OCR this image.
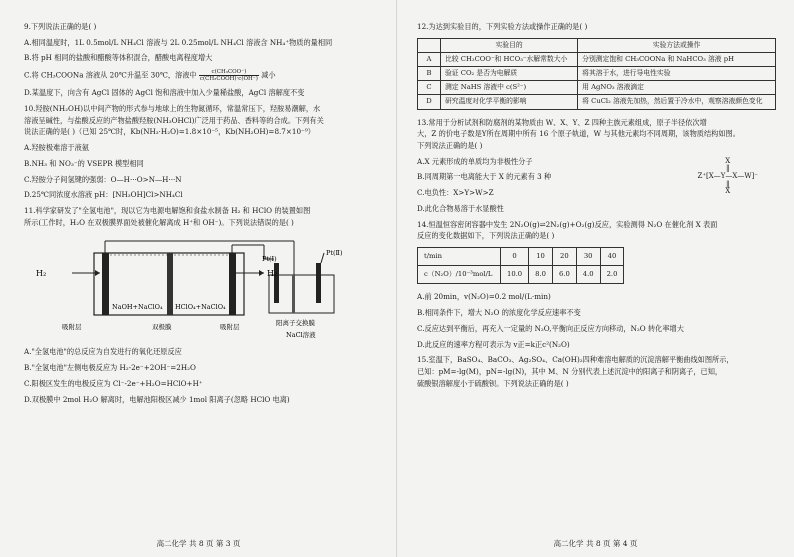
9.下列说法正确的是( )

A.相同温度时，1L 0.5mol/L NH₄Cl 溶液与 2L 0.25mol/L NH₄Cl 溶液含 NH₄⁺物质的量相同

B.将 pH 相同的盐酸和醋酸等体积混合，醋酸电离程度增大

C.将 CH₃COONa 溶液从 20℃升温至 30℃，溶液中 $\frac{\text{c(CH₃COO⁻)}}{\text{c(CH₃COOH)·c(OH⁻)}}$ 减小

D.某温度下，向含有 AgCl 固体的 AgCl 饱和溶液中加入少量稀盐酸，AgCl 溶解度不变

10.羟胺(NH₂OH)以中间产物的形式参与地球上的生物氮循环，常温常压下，羟胺易潮解，水

溶液呈碱性，与盐酸反应的产物盐酸羟胺(NH₃OHCl)广泛用于药品、香料等的合成。下列有关

说法正确的是( )（已知 25℃时，Kb(NH₃·H₂O)=1.8×10⁻⁵，Kb(NH₂OH)=8.7×10⁻⁹）

A.羟胺极难溶于液氨

B.NH₃ 和 NO₃⁻的 VSEPR 模型相同

C.羟胺分子间氢键的强弱：O—H···O>N—H···N

D.25℃同浓度水溶液 pH：[NH₃OH]Cl>NH₄Cl

11.科学家研发了"全氢电池"，现以它为电源电解饱和食盐水制备 H₂ 和 HClO 的装置如图

所示(工作时，H₂O 在双极膜界面处被催化解离成 H⁺和 OH⁻)。下列说法错误的是( )

H₂	H₂
NaOH+NaClO₄ HClO₄+NaClO₄
吸附层	双极膜	吸附层
Pt(Ⅰ)
Pt(Ⅱ)
阳离子交换膜
NaCl溶液

A."全氢电池"的总反应为自发进行的氧化还原反应

B."全氢电池"左侧电极反应为 H₂-2e⁻+2OH⁻=2H₂O

C.阳极区发生的电极反应为 Cl⁻-2e⁻+H₂O=HClO+H⁺

D.双极膜中 2mol H₂O 解离时，电解池阳极区减少 1mol 阳离子(忽略 HClO 电离)

高二化学 共 8 页 第 3 页

12.为达到实验目的，下列实验方法或操作正确的是( )

	实验目的	实验方法或操作
A	比较 CH₃COO⁻和 HCO₃⁻水解常数大小	分别测定饱和 CH₃COONa 和 NaHCO₃ 溶液 pH
B	验证 CO₂ 是否为电解质	将其溶于水，进行导电性实验
C	测定 NaHS 溶液中 c(S²⁻)	用 AgNO₃ 溶液滴定
D	研究温度对化学平衡的影响	将 CuCl₂ 溶液先加热，然后置于冷水中，观察溶液颜色变化

13.常用于分析试剂和防腐剂的某物质由 W、X、Y、Z 四种主族元素组成，原子半径依次增

大，Z 的价电子数是Y所在周期中所有 16 个原子轨道，W 与其他元素均不同周期，该物质结构如图。

下列说法正确的是( )

X
‖
Z⁺[X—Y—X—W]⁻
‖
X

A.X 元素形成的单质均为非极性分子

B.同周期第一电离能大于 X 的元素有 3 种

C.电负性：X>Y>W>Z

D.此化合物易溶于水显酸性

14.恒温恒容密闭容器中发生 2N₂O(g)⇌2N₂(g)+O₂(g)反应，实验测得 N₂O 在催化剂 X 表面

反应的变化数据如下，下列说法正确的是( )

t/min	0	10	20	30	40
c（N₂O）/10⁻³mol/L	10.0	8.0	6.0	4.0	2.0

A.前 20min，v(N₂O)=0.2 mol/(L·min)

B.相同条件下，增大 N₂O 的浓度化学反应速率不变

C.反应达到平衡后，再充入一定量的 N₂O,平衡向正反应方向移动，N₂O 转化率增大

D.此反应的速率方程可表示为 v正=k正c²(N₂O)

15.室温下，BaSO₄、BaCO₃、Ag₂SO₄、Ca(OH)₂四种难溶电解质的沉淀溶解平衡曲线如图所示，

已知：pM=-lg(M)，pN=-lg(N)，其中 M、N 分别代表上述沉淀中的阳离子和阴离子，已知，

硫酸银溶解度小于硫酸钡。下列说法正确的是( )

高二化学 共 8 页 第 4 页
